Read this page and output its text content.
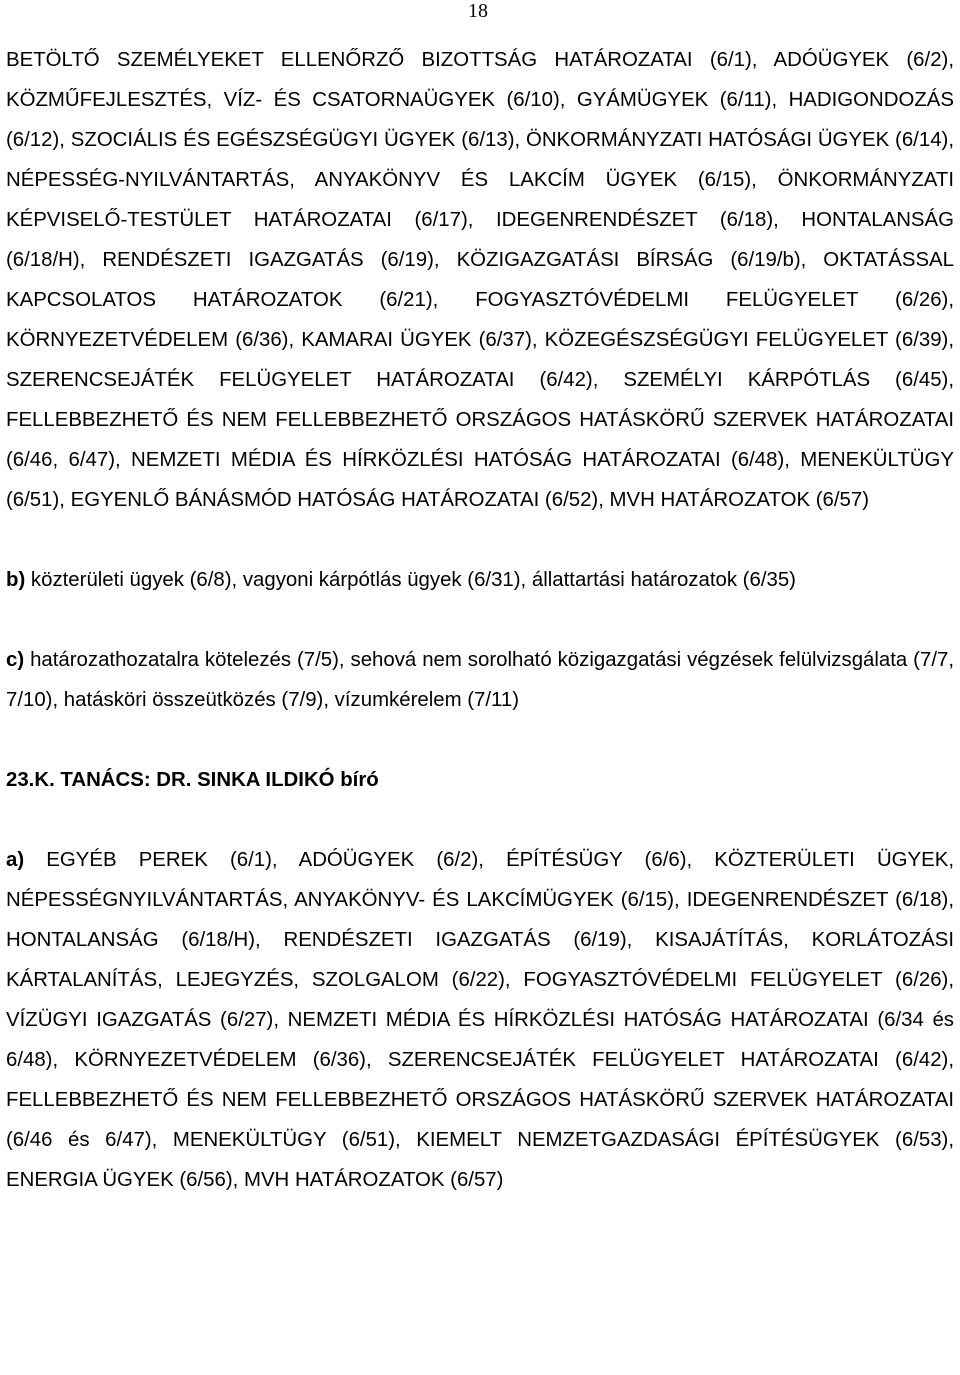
18

BETÖLTŐ SZEMÉLYEKET ELLENŐRZŐ BIZOTTSÁG HATÁROZATAI (6/1), ADÓÜGYEK (6/2), KÖZMŰFEJLESZTÉS, VÍZ- ÉS CSATORNAÜGYEK (6/10), GYÁMÜGYEK (6/11), HADIGONDOZÁS (6/12), SZOCIÁLIS ÉS EGÉSZSÉGÜGYI ÜGYEK (6/13), ÖNKORMÁNYZATI HATÓSÁGI ÜGYEK (6/14), NÉPESSÉG-NYILVÁNTARTÁS, ANYAKÖNYV ÉS LAKCÍM ÜGYEK (6/15), ÖNKORMÁNYZATI KÉPVISELŐ-TESTÜLET HATÁROZATAI (6/17), IDEGENRENDÉSZET (6/18), HONTALANSÁG (6/18/H), RENDÉSZETI IGAZGATÁS (6/19), KÖZIGAZGATÁSI BÍRSÁG (6/19/b), OKTATÁSSAL KAPCSOLATOS HATÁROZATOK (6/21), FOGYASZTÓVÉDELMI FELÜGYELET (6/26), KÖRNYEZETVÉDELEM (6/36), KAMARAI ÜGYEK (6/37), KÖZEGÉSZSÉGÜGYI FELÜGYELET (6/39), SZERENCSEJÁTÉK FELÜGYELET HATÁROZATAI (6/42), SZEMÉLYI KÁRPÓTLÁS (6/45), FELLEBBEZHETŐ ÉS NEM FELLEBBEZHETŐ ORSZÁGOS HATÁSKÖRŰ SZERVEK HATÁROZATAI (6/46, 6/47), NEMZETI MÉDIA ÉS HÍRKÖZLÉSI HATÓSÁG HATÁROZATAI (6/48), MENEKÜLTÜGY (6/51), EGYENLŐ BÁNÁSMÓD HATÓSÁG HATÁROZATAI (6/52), MVH HATÁROZATOK (6/57)

b) közterületi ügyek (6/8), vagyoni kárpótlás ügyek (6/31), állattartási határozatok (6/35)

c) határozathozatalra kötelezés (7/5), sehová nem sorolható közigazgatási végzések felülvizsgálata (7/7, 7/10), hatásköri összeütközés (7/9), vízumkérelem (7/11)

23.K. TANÁCS: DR. SINKA ILDIKÓ bíró

a) EGYÉB PEREK (6/1), ADÓÜGYEK (6/2), ÉPÍTÉSÜGY (6/6), KÖZTERÜLETI ÜGYEK, NÉPESSÉGNYILVÁNTARTÁS, ANYAKÖNYV- ÉS LAKCÍMÜGYEK (6/15), IDEGENRENDÉSZET (6/18), HONTALANSÁG (6/18/H), RENDÉSZETI IGAZGATÁS (6/19), KISAJÁTÍTÁS, KORLÁTOZÁSI KÁRTALANÍTÁS, LEJEGYZÉS, SZOLGALOM (6/22), FOGYASZTÓVÉDELMI FELÜGYELET (6/26), VÍZÜGYI IGAZGATÁS (6/27), NEMZETI MÉDIA ÉS HÍRKÖZLÉSI HATÓSÁG HATÁROZATAI (6/34 és 6/48), KÖRNYEZETVÉDELEM (6/36), SZERENCSEJÁTÉK FELÜGYELET HATÁROZATAI (6/42), FELLEBBEZHETŐ ÉS NEM FELLEBBEZHETŐ ORSZÁGOS HATÁSKÖRŰ SZERVEK HATÁROZATAI (6/46 és 6/47), MENEKÜLTÜGY (6/51), KIEMELT NEMZETGAZDASÁGI ÉPÍTÉSÜGYEK (6/53), ENERGIA ÜGYEK (6/56), MVH HATÁROZATOK (6/57)
